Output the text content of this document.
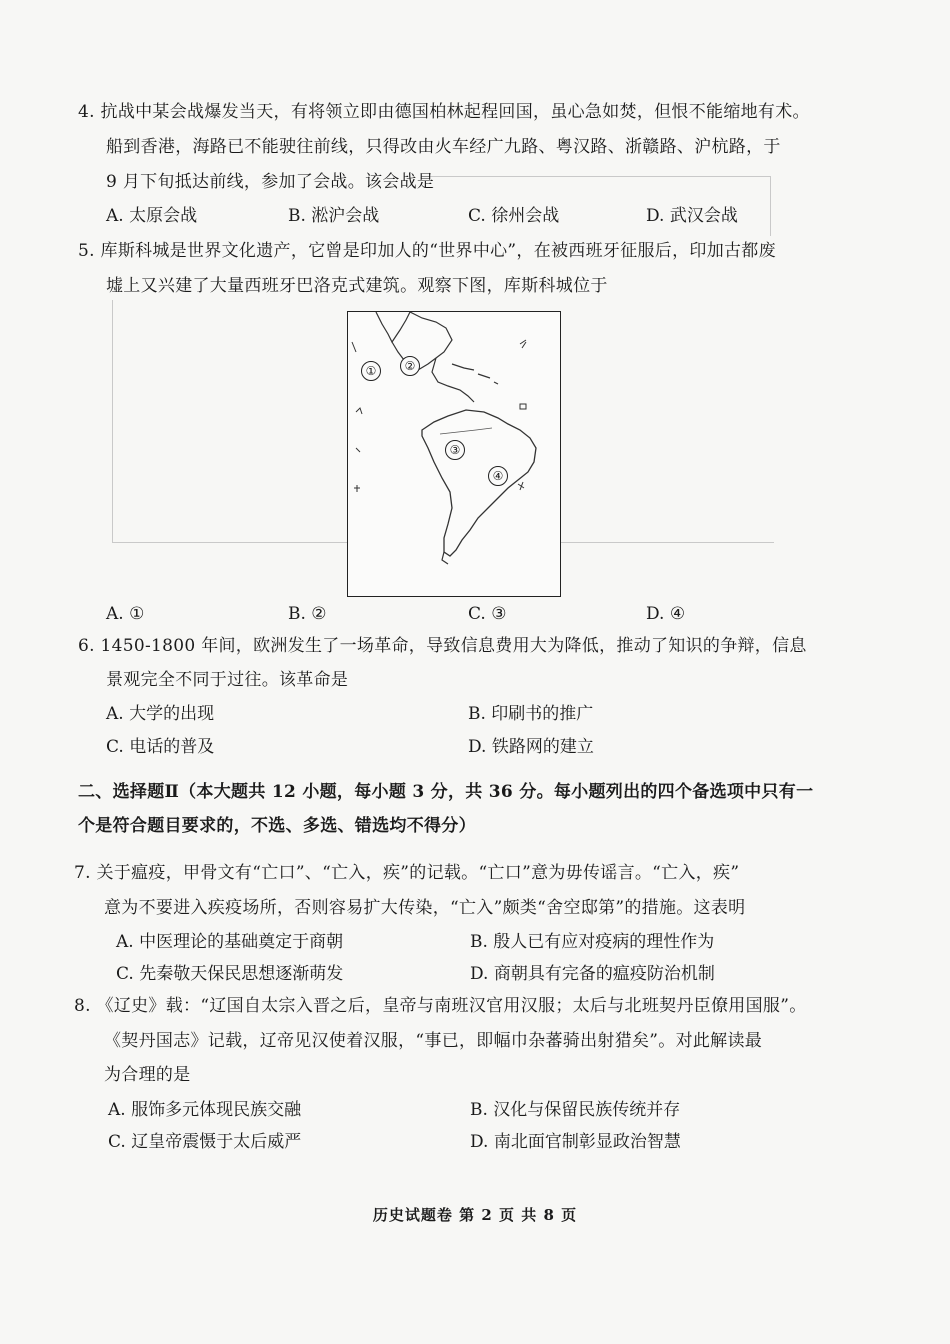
4. 抗战中某会战爆发当天，有将领立即由德国柏林起程回国，虽心急如焚，但恨不能缩地有术。
船到香港，海路已不能驶往前线，只得改由火车经广九路、粤汉路、浙赣路、沪杭路，于
9 月下旬抵达前线，参加了会战。该会战是
A. 太原会战	B. 淞沪会战	C. 徐州会战	D. 武汉会战
5. 库斯科城是世界文化遗产，它曾是印加人的“世界中心”，在被西班牙征服后，印加古都废
墟上又兴建了大量西班牙巴洛克式建筑。观察下图，库斯科城位于
①	②
③
④
A. ①	B. ②	C. ③	D. ④
6. 1450-1800 年间，欧洲发生了一场革命，导致信息费用大为降低，推动了知识的争辩，信息
景观完全不同于过往。该革命是
A. 大学的出现	B. 印刷书的推广
C. 电话的普及	D. 铁路网的建立
二、选择题Ⅱ（本大题共 12 小题，每小题 3 分，共 36 分。每小题列出的四个备选项中只有一
个是符合题目要求的，不选、多选、错选均不得分）
7. 关于瘟疫，甲骨文有“亡口”、“亡入，疾”的记载。“亡口”意为毋传谣言。“亡入，疾”
意为不要进入疾疫场所，否则容易扩大传染，“亡入”颇类“舍空邸第”的措施。这表明
A. 中医理论的基础奠定于商朝	B. 殷人已有应对疫病的理性作为
C. 先秦敬天保民思想逐渐萌发	D. 商朝具有完备的瘟疫防治机制
8. 《辽史》载：“辽国自太宗入晋之后，皇帝与南班汉官用汉服；太后与北班契丹臣僚用国服”。
《契丹国志》记载，辽帝见汉使着汉服，“事已，即幅巾杂蕃骑出射猎矣”。对此解读最
为合理的是
A. 服饰多元体现民族交融	B. 汉化与保留民族传统并存
C. 辽皇帝震慑于太后威严	D. 南北面官制彰显政治智慧
历史试题卷 第 2 页 共 8 页
